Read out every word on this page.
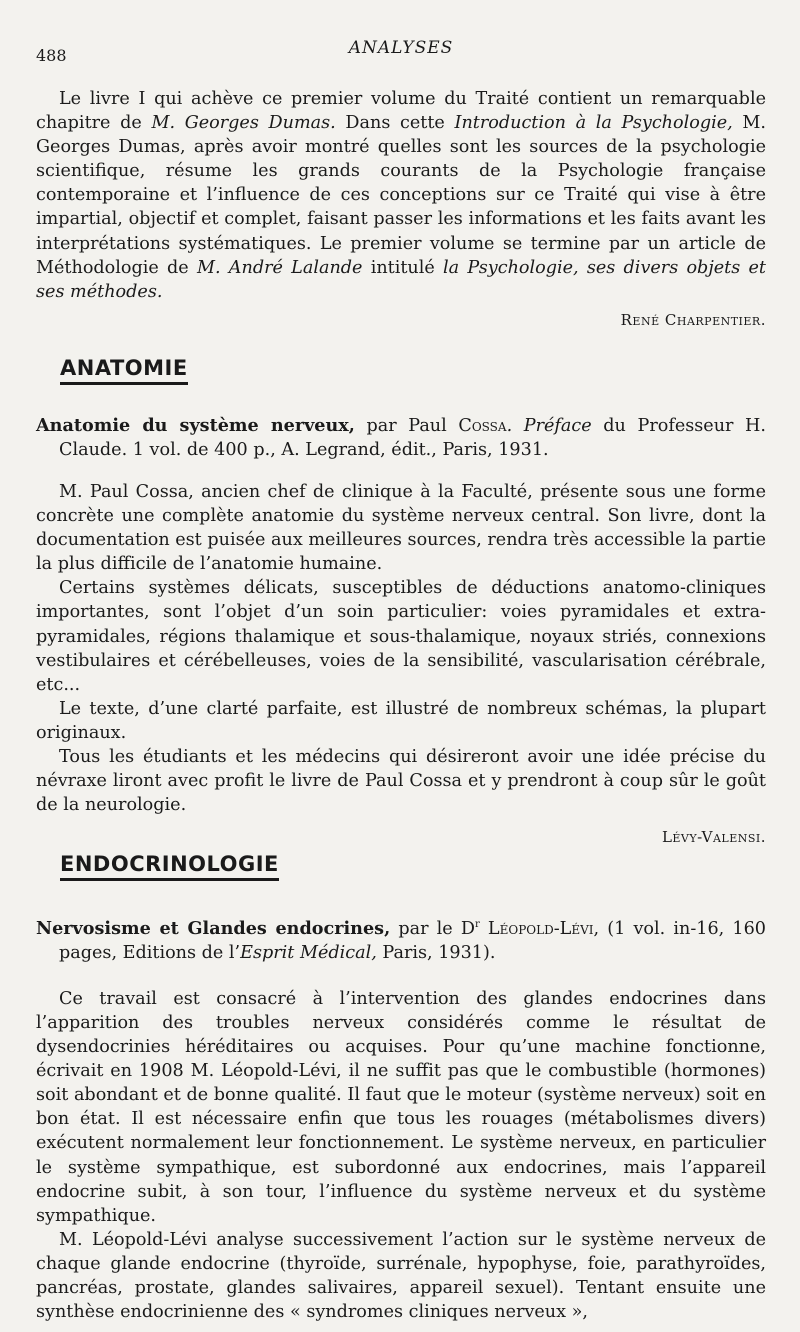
488	ANALYSES

Le livre I qui achève ce premier volume du Traité contient un remarquable chapitre de M. Georges Dumas. Dans cette Introduction à la Psychologie, M. Georges Dumas, après avoir montré quelles sont les sources de la psychologie scientifique, résume les grands courants de la Psychologie française contemporaine et l’influence de ces conceptions sur ce Traité qui vise à être impartial, objectif et complet, faisant passer les informations et les faits avant les interprétations systématiques. Le premier volume se termine par un article de Méthodologie de M. André Lalande intitulé la Psychologie, ses divers objets et ses méthodes.

René Charpentier.

ANATOMIE

Anatomie du système nerveux, par Paul Cossa. Préface du Professeur H. Claude. 1 vol. de 400 p., A. Legrand, édit., Paris, 1931.

M. Paul Cossa, ancien chef de clinique à la Faculté, présente sous une forme concrète une complète anatomie du système nerveux central. Son livre, dont la documentation est puisée aux meilleures sources, rendra très accessible la partie la plus difficile de l’anatomie humaine.

Certains systèmes délicats, susceptibles de déductions anatomo-cliniques importantes, sont l’objet d’un soin particulier: voies pyramidales et extra-pyramidales, régions thalamique et sous-thalamique, noyaux striés, connexions vestibulaires et cérébelleuses, voies de la sensibilité, vascularisation cérébrale, etc...

Le texte, d’une clarté parfaite, est illustré de nombreux schémas, la plupart originaux.

Tous les étudiants et les médecins qui désireront avoir une idée précise du névraxe liront avec profit le livre de Paul Cossa et y prendront à coup sûr le goût de la neurologie.

Lévy-Valensi.

ENDOCRINOLOGIE

Nervosisme et Glandes endocrines, par le $D^r$ Léopold-Lévi, (1 vol. in-16, 160 pages, Editions de l’Esprit Médical, Paris, 1931).

Ce travail est consacré à l’intervention des glandes endocrines dans l’apparition des troubles nerveux considérés comme le résultat de dysendocrinies héréditaires ou acquises. Pour qu’une machine fonctionne, écrivait en 1908 M. Léopold-Lévi, il ne suffit pas que le combustible (hormones) soit abondant et de bonne qualité. Il faut que le moteur (système nerveux) soit en bon état. Il est nécessaire enfin que tous les rouages (métabolismes divers) exécutent normalement leur fonctionnement. Le système nerveux, en particulier le système sympathique, est subordonné aux endocrines, mais l’appareil endocrine subit, à son tour, l’influence du système nerveux et du système sympathique.

M. Léopold-Lévi analyse successivement l’action sur le système nerveux de chaque glande endocrine (thyroïde, surrénale, hypophyse, foie, parathyroïdes, pancréas, prostate, glandes salivaires, appareil sexuel). Tentant ensuite une synthèse endocrinienne des « syndromes cliniques nerveux »,
